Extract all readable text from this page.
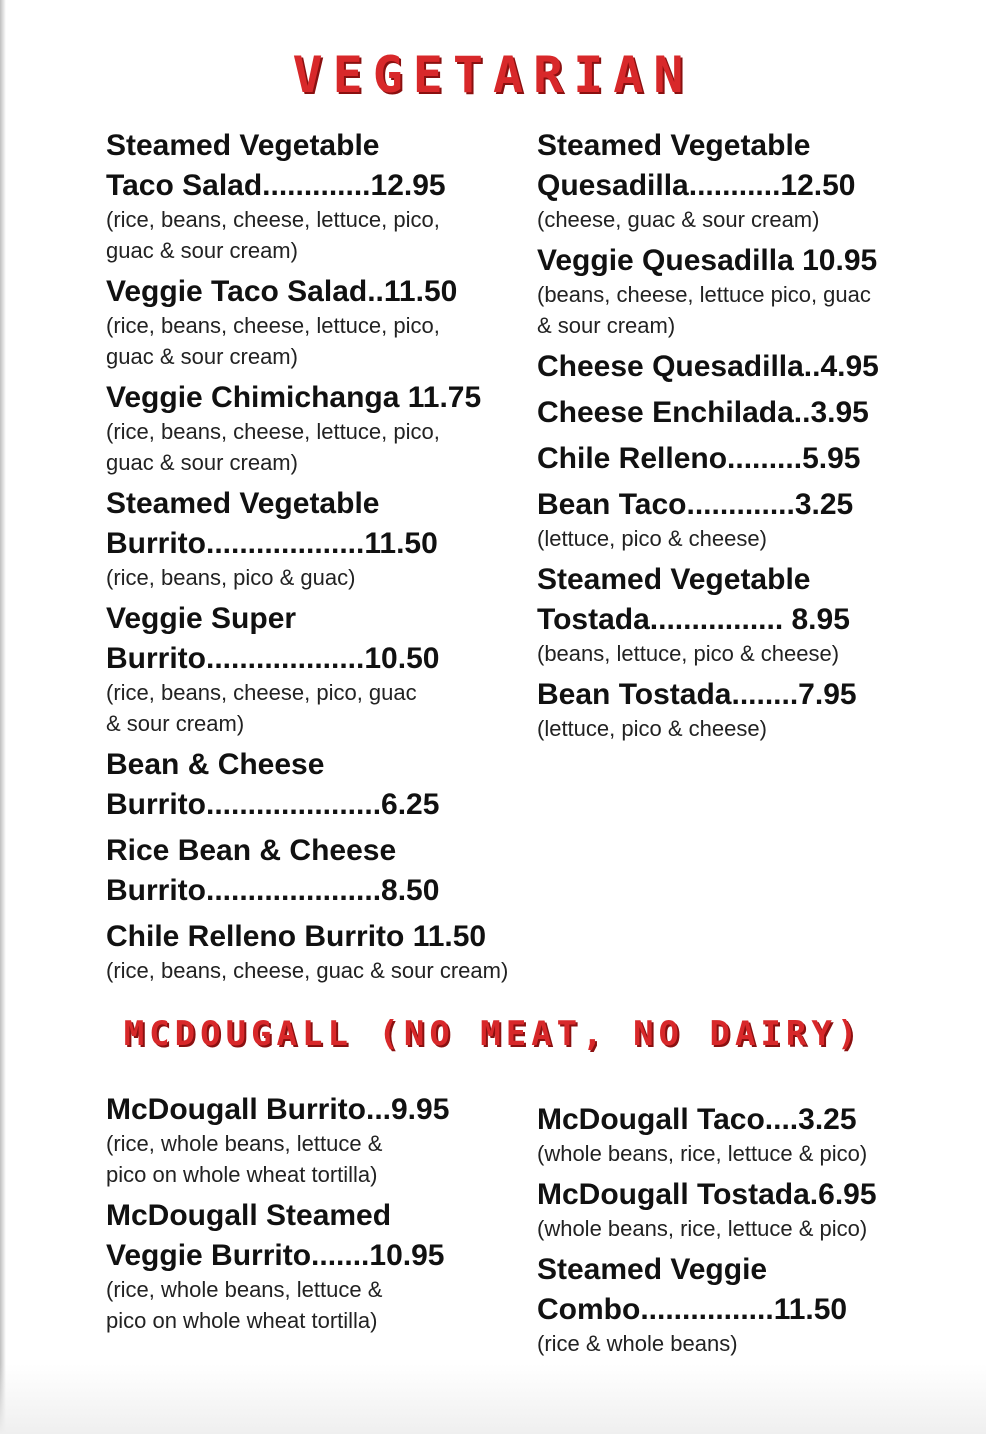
VEGETARIAN
Steamed Vegetable
Taco Salad.............12.95
(rice, beans, cheese, lettuce, pico,
guac & sour cream)
Veggie Taco Salad..11.50
(rice, beans, cheese, lettuce, pico,
guac & sour cream)
Veggie Chimichanga 11.75
(rice, beans, cheese, lettuce, pico,
guac & sour cream)
Steamed Vegetable
Burrito...................11.50
(rice, beans, pico & guac)
Veggie Super
Burrito...................10.50
(rice, beans, cheese, pico, guac
& sour cream)
Bean & Cheese
Burrito.....................6.25
Rice Bean & Cheese
Burrito.....................8.50
Chile Relleno Burrito 11.50
(rice, beans, cheese, guac & sour cream)
Steamed Vegetable
Quesadilla...........12.50
(cheese, guac & sour cream)
Veggie Quesadilla 10.95
(beans, cheese, lettuce pico, guac
& sour cream)
Cheese Quesadilla..4.95
Cheese Enchilada..3.95
Chile Relleno.........5.95
Bean Taco.............3.25
(lettuce, pico & cheese)
Steamed Vegetable
Tostada................ 8.95
(beans, lettuce, pico & cheese)
Bean Tostada........7.95
(lettuce, pico & cheese)
MCDOUGALL (NO MEAT, NO DAIRY)
McDougall Burrito...9.95
(rice, whole beans, lettuce &
pico on whole wheat tortilla)
McDougall Steamed
Veggie Burrito.......10.95
(rice, whole beans, lettuce &
pico on whole wheat tortilla)
McDougall Taco....3.25
(whole beans, rice, lettuce & pico)
McDougall Tostada.6.95
(whole beans, rice, lettuce & pico)
Steamed Veggie
Combo................11.50
(rice & whole beans)
